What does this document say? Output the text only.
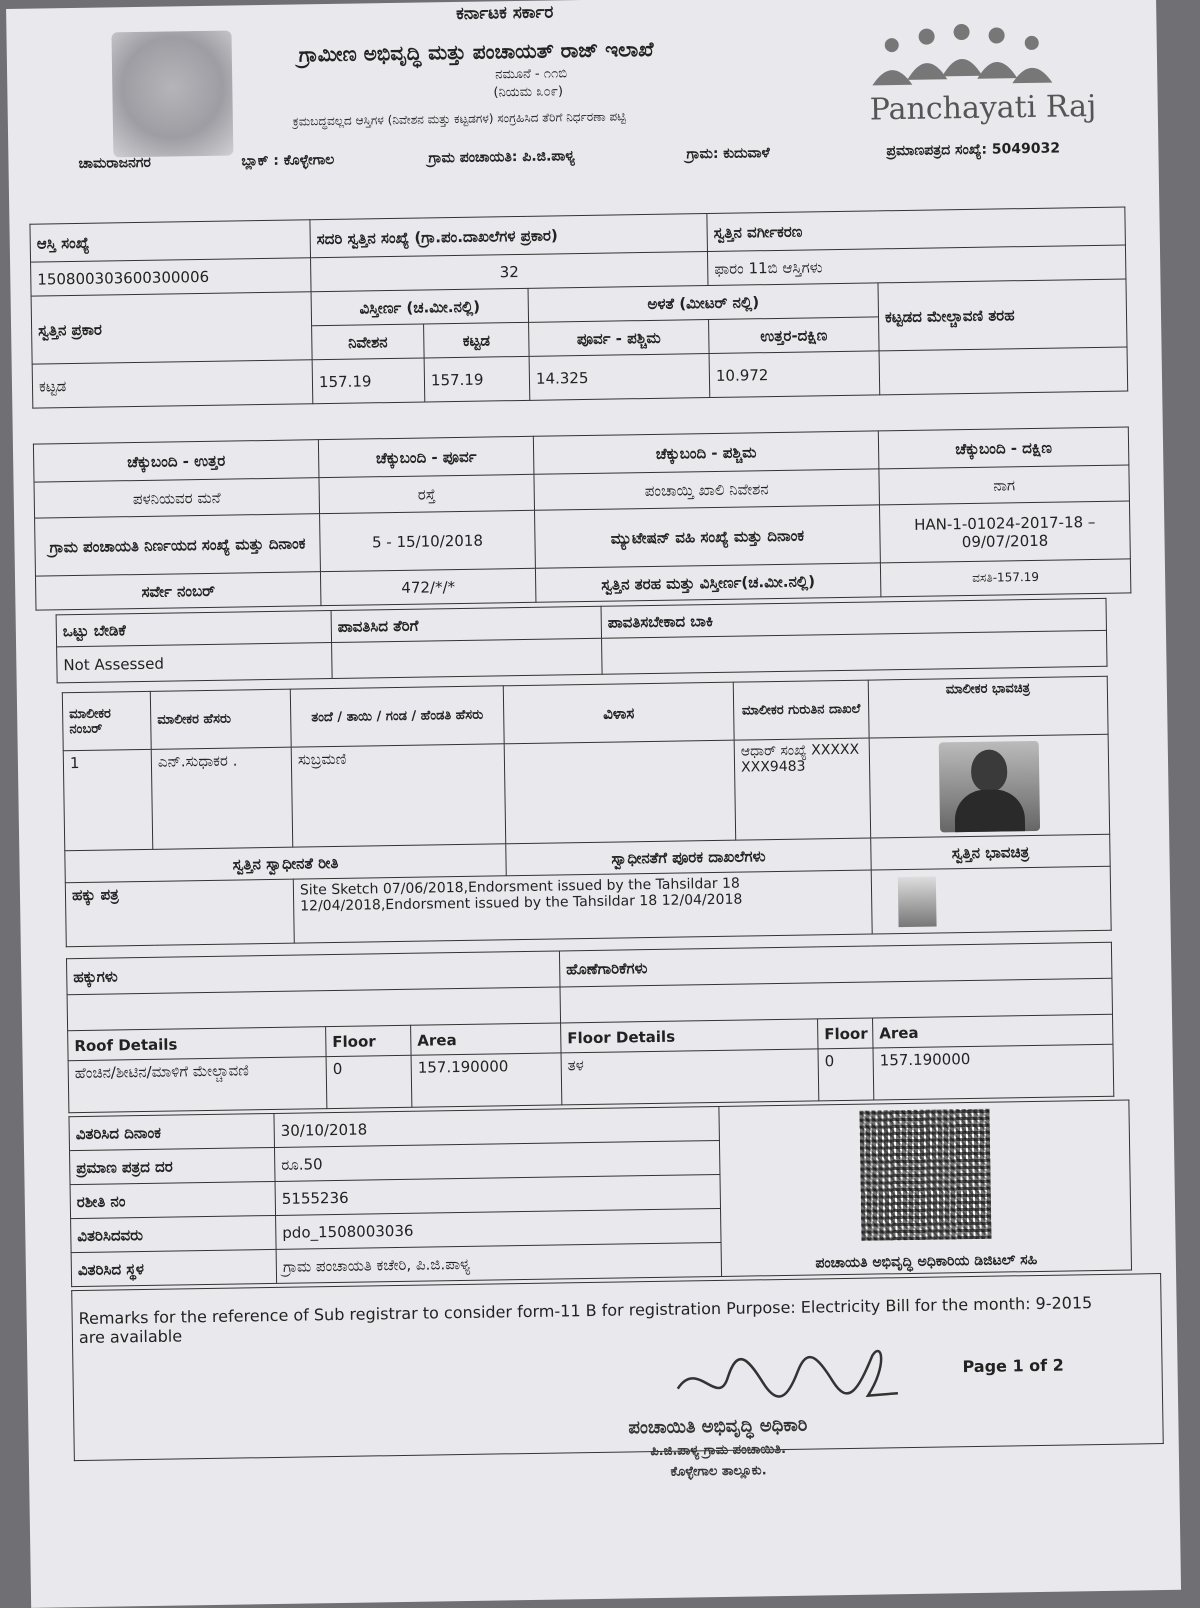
ಕರ್ನಾಟಕ ಸರ್ಕಾರ
ಗ್ರಾಮೀಣ ಅಭಿವೃದ್ಧಿ ಮತ್ತು ಪಂಚಾಯತ್ ರಾಜ್ ಇಲಾಖೆ
ನಮೂನೆ - ೧೧ಬಿ
(ನಿಯಮ ೩೦೯)
ಕ್ರಮಬದ್ಧವಲ್ಲದ ಆಸ್ತಿಗಳ (ನಿವೇಶನ ಮತ್ತು ಕಟ್ಟಡಗಳ) ಸಂಗ್ರಹಿಸಿದ ತೆರಿಗೆ ನಿರ್ಧರಣಾ ಪಟ್ಟಿ	Panchayati Raj
ಚಾಮರಾಜನಗರ	ಬ್ಲಾಕ್ : ಕೊಳ್ಳೇಗಾಲ	ಗ್ರಾಮ ಪಂಚಾಯತಿ: ಪಿ.ಜಿ.ಪಾಳ್ಯ	ಗ್ರಾಮ: ಕುದುವಾಳೆ	ಪ್ರಮಾಣಪತ್ರದ ಸಂಖ್ಯೆ: 5049032
ಆಸ್ತಿ ಸಂಖ್ಯೆ	ಸದರಿ ಸ್ವತ್ತಿನ ಸಂಖ್ಯೆ (ಗ್ರಾ.ಪಂ.ದಾಖಲೆಗಳ ಪ್ರಕಾರ)			ಸ್ವತ್ತಿನ ವರ್ಗೀಕರಣ	
150800303600300006	32			ಫಾರಂ 11ಬಿ ಆಸ್ತಿಗಳು	
ಸ್ವತ್ತಿನ ಪ್ರಕಾರ	ವಿಸ್ತೀರ್ಣ (ಚ.ಮೀ.ನಲ್ಲಿ)		ಅಳತೆ (ಮೀಟರ್ ನಲ್ಲಿ)		ಕಟ್ಟಡದ ಮೇಲ್ಚಾವಣಿ ತರಹ
	ನಿವೇಶನ	ಕಟ್ಟಡ	ಪೂರ್ವ - ಪಶ್ಚಿಮ	ಉತ್ತರ-ದಕ್ಷಿಣ	
ಕಟ್ಟಡ	157.19	157.19	14.325	10.972	
ಚೆಕ್ಕುಬಂದಿ - ಉತ್ತರ	ಚೆಕ್ಕುಬಂದಿ - ಪೂರ್ವ	ಚೆಕ್ಕುಬಂದಿ - ಪಶ್ಚಿಮ	ಚೆಕ್ಕುಬಂದಿ - ದಕ್ಷಿಣ
ಪಳನಿಯವರ ಮನೆ	ರಸ್ತೆ	ಪಂಚಾಯ್ತಿ ಖಾಲಿ ನಿವೇಶನ	ನಾಗ
ಗ್ರಾಮ ಪಂಚಾಯತಿ ನಿರ್ಣಯದ ಸಂಖ್ಯೆ ಮತ್ತು ದಿನಾಂಕ	5 - 15/10/2018	ಮ್ಯುಟೇಷನ್ ವಹಿ ಸಂಖ್ಯೆ ಮತ್ತು ದಿನಾಂಕ	HAN-1-01024-2017-18 – 09/07/2018
ಸರ್ವೇ ನಂಬರ್	472/*/*	ಸ್ವತ್ತಿನ ತರಹ ಮತ್ತು ವಿಸ್ತೀರ್ಣ(ಚ.ಮೀ.ನಲ್ಲಿ)	ವಸತಿ-157.19
ಒಟ್ಟು ಬೇಡಿಕೆ	ಪಾವತಿಸಿದ ತೆರಿಗೆ	ಪಾವತಿಸಬೇಕಾದ ಬಾಕಿ
Not Assessed		
ಮಾಲೀಕರ ನಂಬರ್	ಮಾಲೀಕರ ಹೆಸರು	ತಂದೆ / ತಾಯಿ / ಗಂಡ / ಹೆಂಡತಿ ಹೆಸರು	ವಿಳಾಸ	ಮಾಲೀಕರ ಗುರುತಿನ ದಾಖಲೆ	ಮಾಲೀಕರ ಭಾವಚಿತ್ರ
1	ಎನ್.ಸುಧಾಕರ .	ಸುಬ್ರಮಣಿ		ಆಧಾರ್ ಸಂಖ್ಯೆ XXXXXXXX9483	

ಸ್ವತ್ತಿನ ಸ್ವಾಧೀನತೆ ರೀತಿ			ಸ್ವಾಧೀನತೆಗೆ ಪೂರಕ ದಾಖಲೆಗಳು		ಸ್ವತ್ತಿನ ಭಾವಚಿತ್ರ
ಹಕ್ಕು ಪತ್ರ		Site Sketch 07/06/2018,Endorsment issued by the Tahsildar 18 12/04/2018,Endorsment issued by the Tahsildar 18 12/04/2018			
ಹಕ್ಕುಗಳು			ಹೊಣೆಗಾರಿಕೆಗಳು		

Roof Details	Floor	Area	Floor Details	Floor	Area
ಹೆಂಚಿನ/ಶೀಟಿನ/ಮಾಳಿಗೆ ಮೇಲ್ಚಾವಣಿ	0	157.190000	ತಳ	0	157.190000
ವಿತರಿಸಿದ ದಿನಾಂಕ	30/10/2018	ಪಂಚಾಯತಿ ಅಭಿವೃದ್ಧಿ ಅಧಿಕಾರಿಯ ಡಿಜಿಟಲ್ ಸಹಿ

ಪ್ರಮಾಣ ಪತ್ರದ ದರ	ರೂ.50	
ರಶೀತಿ ನಂ	5155236	
ವಿತರಿಸಿದವರು	pdo_1508003036	
ವಿತರಿಸಿದ ಸ್ಥಳ	ಗ್ರಾಮ ಪಂಚಾಯತಿ ಕಚೇರಿ, ಪಿ.ಜಿ.ಪಾಳ್ಯ	
Remarks for the reference of Sub registrar to consider form-11 B for registration Purpose: Electricity Bill for the month: 9-2015 are available
Page 1 of 2
ಪಂಚಾಯಿತಿ ಅಭಿವೃದ್ಧಿ ಅಧಿಕಾರಿ
ಪಿ.ಜಿ.ಪಾಳ್ಯ ಗ್ರಾಮ ಪಂಚಾಯಿತಿ.
ಕೊಳ್ಳೇಗಾಲ ತಾಲ್ಲೂಕು.
